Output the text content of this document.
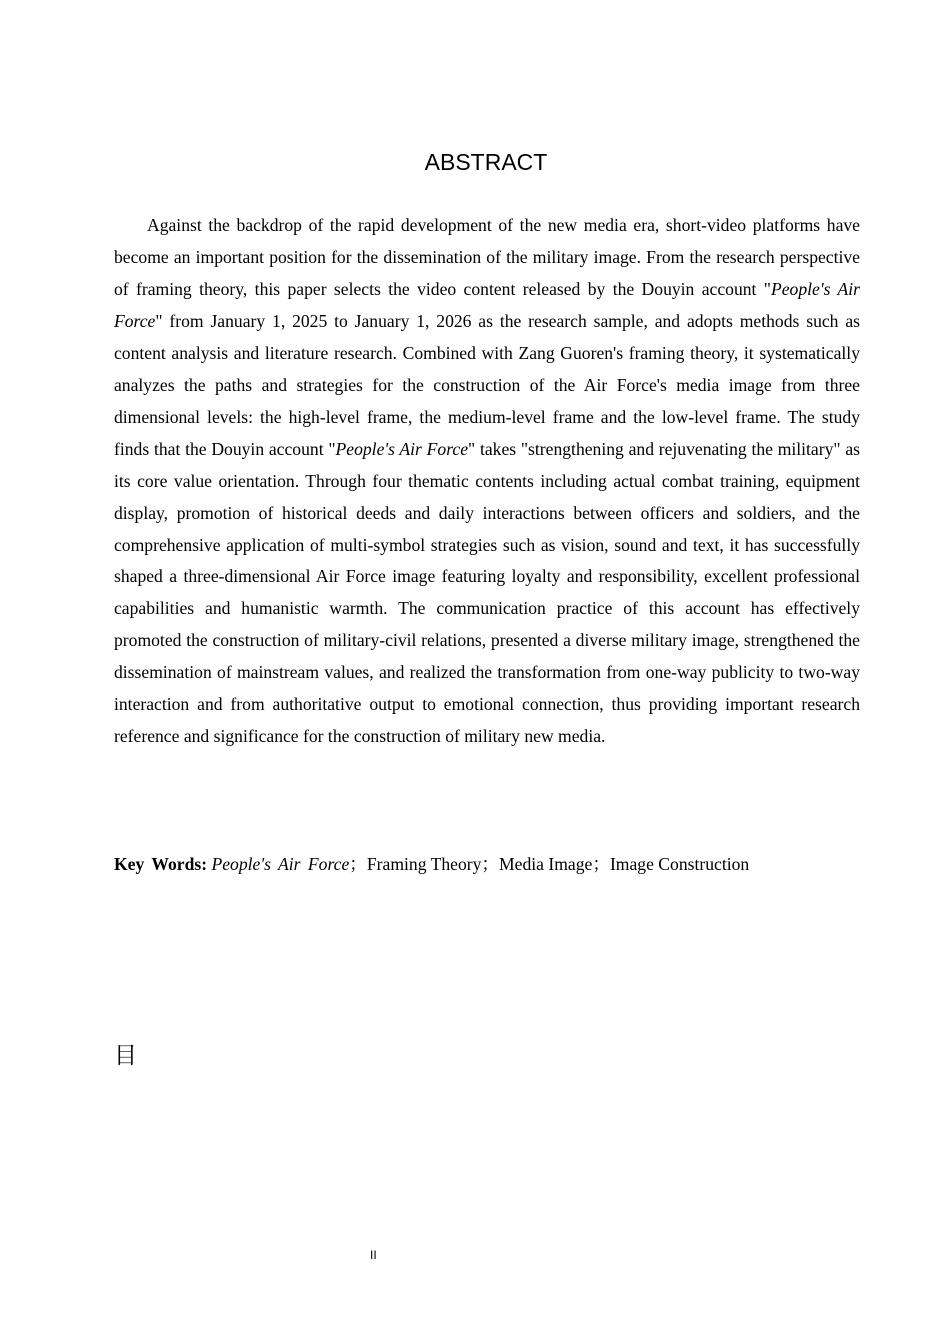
ABSTRACT

Against the backdrop of the rapid development of the new media era, short-video platforms have become an important position for the dissemination of the military image. From the research perspective of framing theory, this paper selects the video content released by the Douyin account "People's Air Force" from January 1, 2025 to January 1, 2026 as the research sample, and adopts methods such as content analysis and literature research. Combined with Zang Guoren's framing theory, it systematically analyzes the paths and strategies for the construction of the Air Force's media image from three dimensional levels: the high-level frame, the medium-level frame and the low-level frame. The study finds that the Douyin account "People's Air Force" takes "strengthening and rejuvenating the military" as its core value orientation. Through four thematic contents including actual combat training, equipment display, promotion of historical deeds and daily interactions between officers and soldiers, and the comprehensive application of multi-symbol strategies such as vision, sound and text, it has successfully shaped a three-dimensional Air Force image featuring loyalty and responsibility, excellent professional capabilities and humanistic warmth. The communication practice of this account has effectively promoted the construction of military-civil relations, presented a diverse military image, strengthened the dissemination of mainstream values, and realized the transformation from one-way publicity to two-way interaction and from authoritative output to emotional connection, thus providing important research reference and significance for the construction of military new media.

Key Words: People's Air Force；Framing Theory；Media Image；Image Construction

目
II
